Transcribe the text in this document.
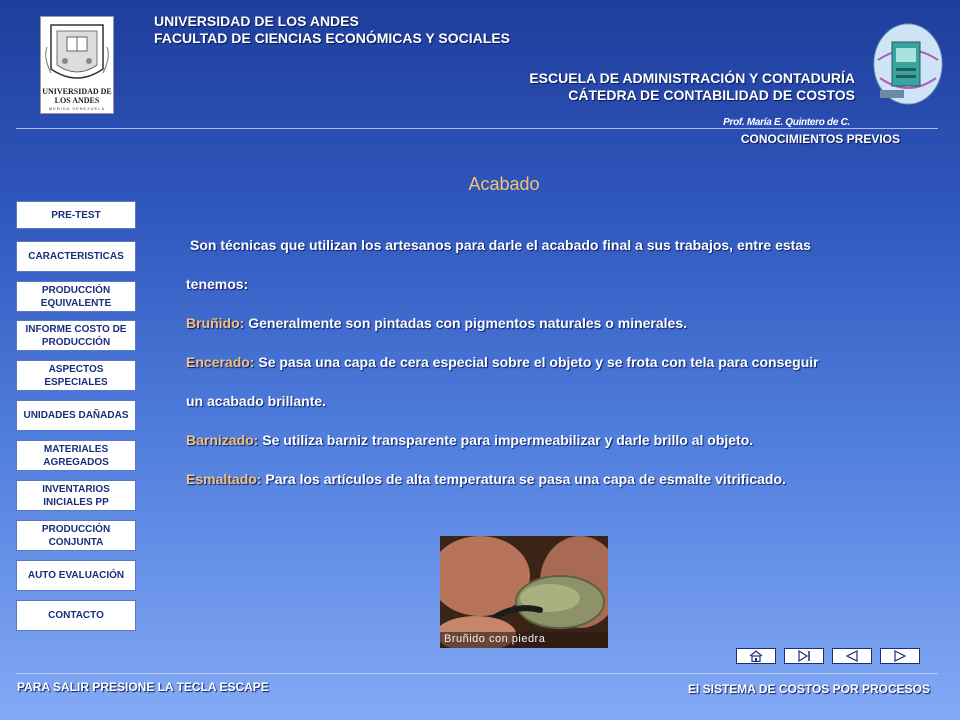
UNIVERSIDAD DE LOS ANDES
MERIDA VENEZUELA
UNIVERSIDAD DE LOS ANDES
FACULTAD DE CIENCIAS ECONÓMICAS Y SOCIALES
ESCUELA DE ADMINISTRACIÓN Y CONTADURÍA
CÁTEDRA DE CONTABILIDAD DE COSTOS
Prof. María E. Quintero de C.
CONOCIMIENTOS PREVIOS
Acabado
PRE-TEST
CARACTERISTICAS
PRODUCCIÓN EQUIVALENTE
INFORME COSTO DE PRODUCCIÓN
ASPECTOS ESPECIALES
UNIDADES DAÑADAS
MATERIALES AGREGADOS
INVENTARIOS INICIALES PP
PRODUCCIÓN CONJUNTA
AUTO EVALUACIÓN
CONTACTO
Son técnicas que utilizan los artesanos para darle el acabado final a sus trabajos, entre estas
tenemos:
Bruñido: Generalmente son pintadas con pigmentos naturales o minerales.
Encerado: Se pasa una capa de cera especial sobre el objeto y se frota con tela para conseguir
un acabado brillante.
Barnizado: Se utiliza barniz transparente para impermeabilizar y darle brillo al objeto.
Esmaltado: Para los artículos de alta temperatura se pasa una capa de esmalte vitrificado.
Bruñido con piedra
PARA SALIR PRESIONE LA TECLA ESCAPE	El SISTEMA DE COSTOS POR PROCESOS
